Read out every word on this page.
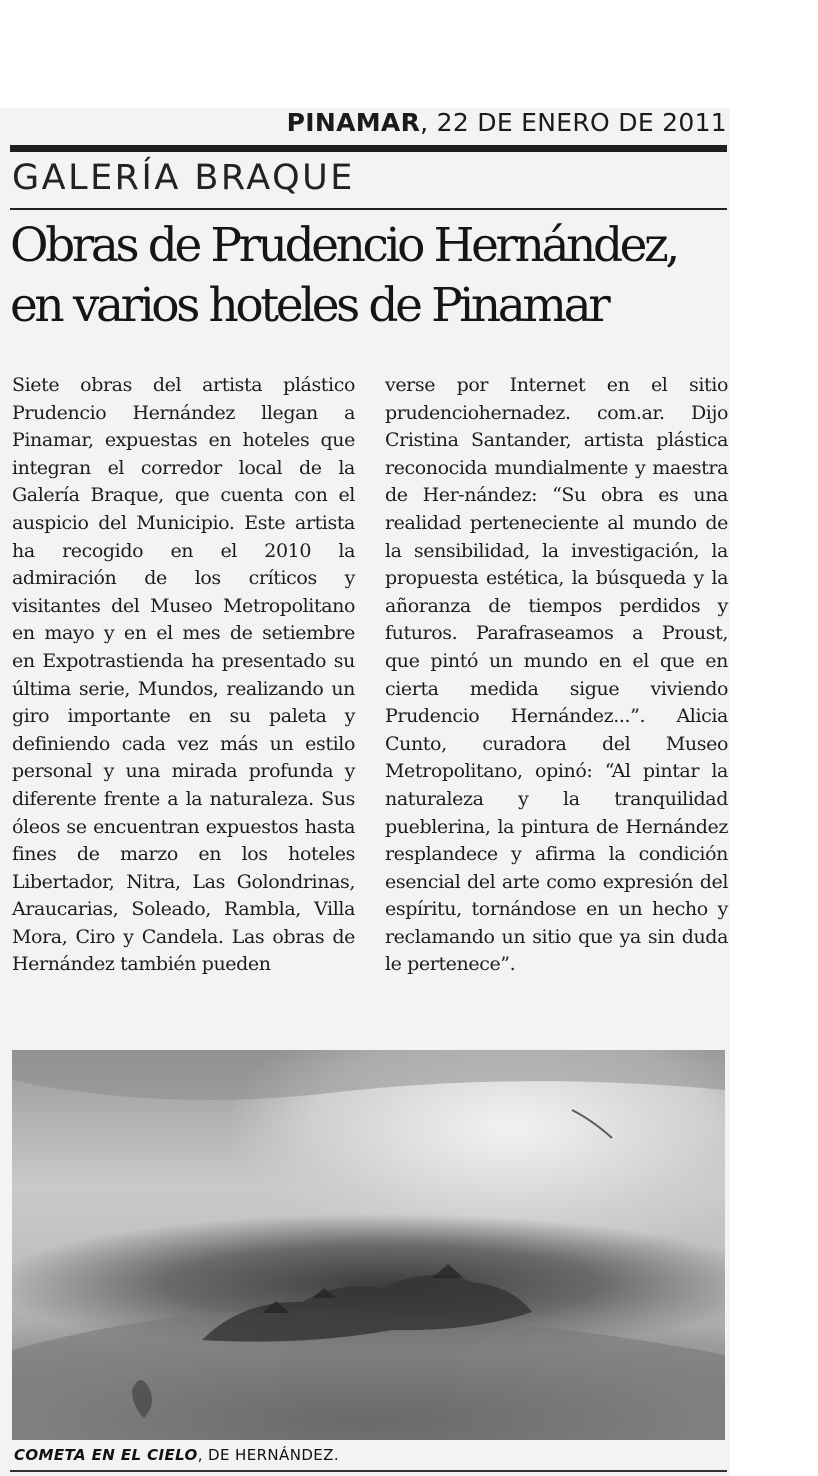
PINAMAR, 22 DE ENERO DE 2011
GALERÍA BRAQUE
Obras de Prudencio Hernández, en varios hoteles de Pinamar

Siete obras del artista plástico Prudencio Hernández llegan a Pinamar, expuestas en hoteles que integran el corredor local de la Galería Braque, que cuenta con el auspicio del Municipio. Este artista ha recogido en el 2010 la admiración de los críticos y visitantes del Museo Metropolitano en mayo y en el mes de setiembre en Expotrastienda ha presentado su última serie, Mundos, realizando un giro importante en su paleta y definiendo cada vez más un estilo personal y una mirada profunda y diferente frente a la naturaleza. Sus óleos se encuentran expuestos hasta fines de marzo en los hoteles Libertador, Nitra, Las Golondrinas, Araucarias, Soleado, Rambla, Villa Mora, Ciro y Candela. Las obras de Hernández también pueden

verse por Internet en el sitio prudenciohernadez. com.ar. Dijo Cristina Santander, artista plástica reconocida mundialmente y maestra de Her-nández: “Su obra es una realidad perteneciente al mundo de la sensibilidad, la investigación, la propuesta estética, la búsqueda y la añoranza de tiempos perdidos y futuros. Parafraseamos a Proust, que pintó un mundo en el que en cierta medida sigue viviendo Prudencio Hernández...”. Alicia Cunto, curadora del Museo Metropolitano, opinó: “Al pintar la naturaleza y la tranquilidad pueblerina, la pintura de Hernández resplandece y afirma la condición esencial del arte como expresión del espíritu, tornándose en un hecho y reclamando un sitio que ya sin duda le pertenece”.

COMETA EN EL CIELO, DE HERNÁNDEZ.
